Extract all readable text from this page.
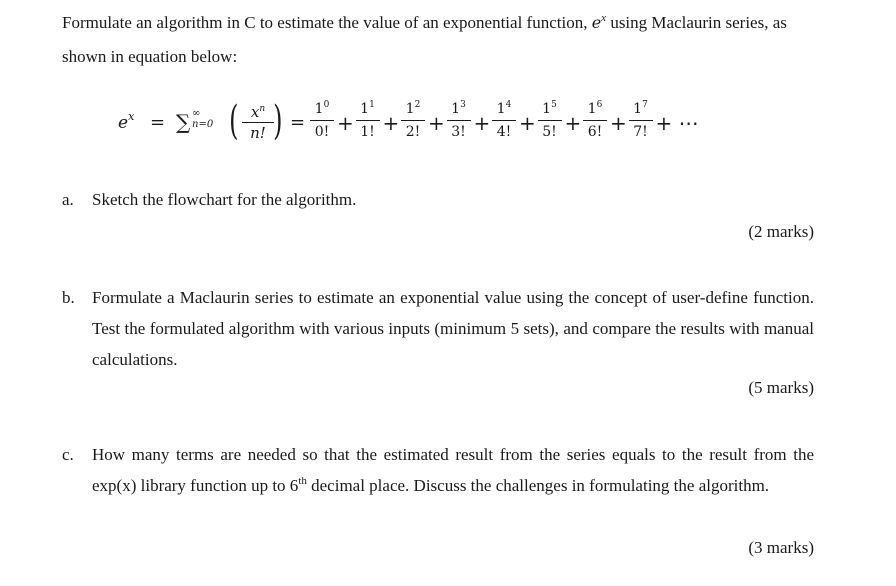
Formulate an algorithm in C to estimate the value of an exponential function, $e^x$ using Maclaurin series, as shown in equation below:
$e^x$ = ∑ ∞
n=0 ( $\frac{x^n}{n!}$ ) = $\frac{1^0}{0!} + \frac{1^1}{1!} + \frac{1^2}{2!} + \frac{1^3}{3!} + \frac{1^4}{4!} + \frac{1^5}{5!} + \frac{1^6}{6!} + \frac{1^7}{7!}$ + ⋯
a.	Sketch the flowchart for the algorithm.
(2 marks)
b.	Formulate a Maclaurin series to estimate an exponential value using the concept of user-define function. Test the formulated algorithm with various inputs (minimum 5 sets), and compare the results with manual calculations.
(5 marks)
c.	How many terms are needed so that the estimated result from the series equals to the result from the exp(x) library function up to 6th decimal place. Discuss the challenges in formulating the algorithm.
(3 marks)
